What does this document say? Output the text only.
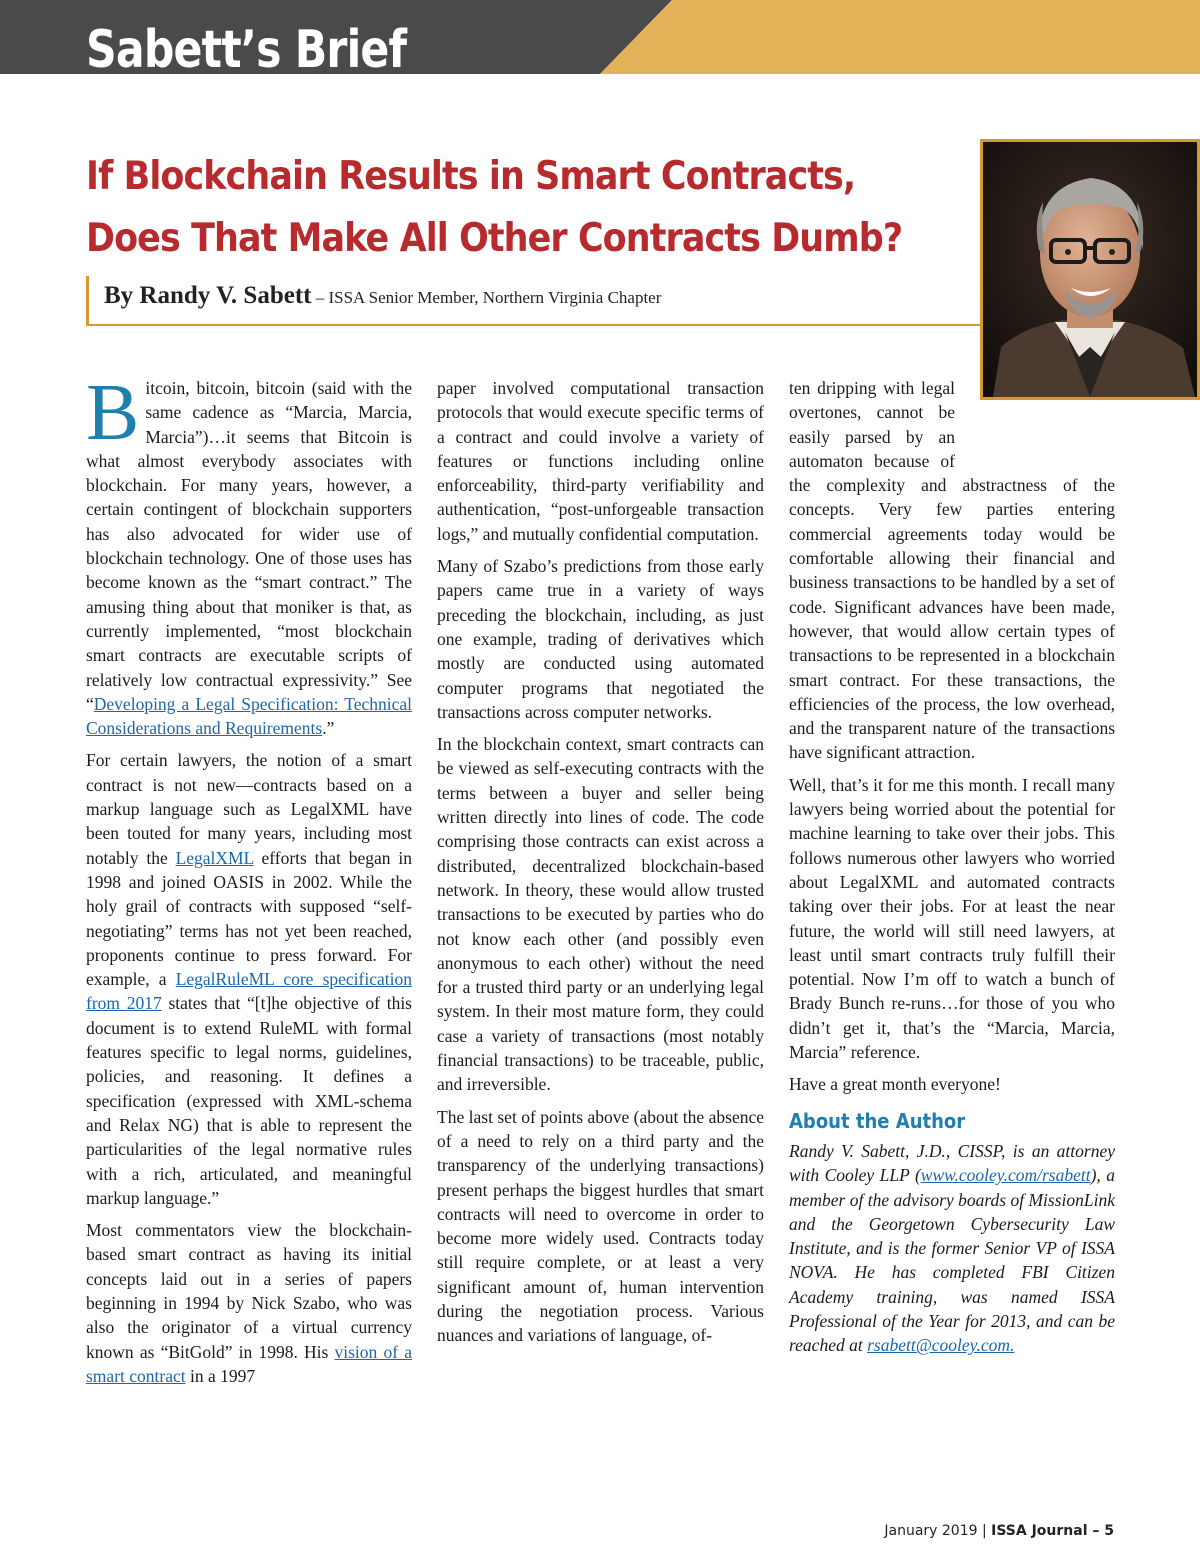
Sabett’s Brief
If Blockchain Results in Smart Contracts,
Does That Make All Other Contracts Dumb?

By Randy V. Sabett – ISSA Senior Member, Northern Virginia Chapter

Bitcoin, bitcoin, bitcoin (said with the same cadence as “Marcia, Marcia, Marcia”)…it seems that Bitcoin is what almost everybody associates with blockchain. For many years, however, a certain contingent of blockchain supporters has also advocated for wider use of blockchain technology. One of those uses has become known as the “smart contract.” The amusing thing about that moniker is that, as currently implemented, “most blockchain smart contracts are executable scripts of relatively low contractual expressivity.” See “Developing a Legal Specification: Technical Considerations and Requirements.”

For certain lawyers, the notion of a smart contract is not new—contracts based on a markup language such as LegalXML have been touted for many years, including most notably the LegalXML efforts that began in 1998 and joined OASIS in 2002. While the holy grail of contracts with supposed “self-negotiating” terms has not yet been reached, proponents continue to press forward. For example, a LegalRuleML core specification from 2017 states that “[t]he objective of this document is to extend RuleML with formal features specific to legal norms, guidelines, policies, and reasoning. It defines a specification (expressed with XML-schema and Relax NG) that is able to represent the particularities of the legal normative rules with a rich, articulated, and meaningful markup language.”

Most commentators view the blockchain-based smart contract as having its initial concepts laid out in a series of papers beginning in 1994 by Nick Szabo, who was also the originator of a virtual currency known as “BitGold” in 1998. His vision of a smart contract in a 1997

paper involved computational transaction protocols that would execute specific terms of a contract and could involve a variety of features or functions including online enforceability, third-party verifiability and authentication, “post-unforgeable transaction logs,” and mutually confidential computation.

Many of Szabo’s predictions from those early papers came true in a variety of ways preceding the blockchain, including, as just one example, trading of derivatives which mostly are conducted using automated computer programs that negotiated the transactions across computer networks.

In the blockchain context, smart contracts can be viewed as self-executing contracts with the terms between a buyer and seller being written directly into lines of code. The code comprising those contracts can exist across a distributed, decentralized blockchain-based network. In theory, these would allow trusted transactions to be executed by parties who do not know each other (and possibly even anonymous to each other) without the need for a trusted third party or an underlying legal system. In their most mature form, they could case a variety of transactions (most notably financial transactions) to be traceable, public, and irreversible.

The last set of points above (about the absence of a need to rely on a third party and the transparency of the underlying transactions) present perhaps the biggest hurdles that smart contracts will need to overcome in order to become more widely used. Contracts today still require complete, or at least a very significant amount of, human intervention during the negotiation process. Various nuances and variations of language, of-

ten dripping with legal overtones, cannot be easily parsed by an automaton because of the complexity and abstractness of the concepts. Very few parties entering commercial agreements today would be comfortable allowing their financial and business transactions to be handled by a set of code. Significant advances have been made, however, that would allow certain types of transactions to be represented in a blockchain smart contract. For these transactions, the efficiencies of the process, the low overhead, and the transparent nature of the transactions have significant attraction.

Well, that’s it for me this month. I recall many lawyers being worried about the potential for machine learning to take over their jobs. This follows numerous other lawyers who worried about LegalXML and automated contracts taking over their jobs. For at least the near future, the world will still need lawyers, at least until smart contracts truly fulfill their potential. Now I’m off to watch a bunch of Brady Bunch re-runs…for those of you who didn’t get it, that’s the “Marcia, Marcia, Marcia” reference.

Have a great month everyone!

About the Author

Randy V. Sabett, J.D., CISSP, is an attorney with Cooley LLP (www.cooley.com/rsabett), a member of the advisory boards of MissionLink and the Georgetown Cybersecurity Law Institute, and is the former Senior VP of ISSA NOVA. He has completed FBI Citizen Academy training, was named ISSA Professional of the Year for 2013, and can be reached at rsabett@cooley.com.

January 2019 | ISSA Journal – 5
